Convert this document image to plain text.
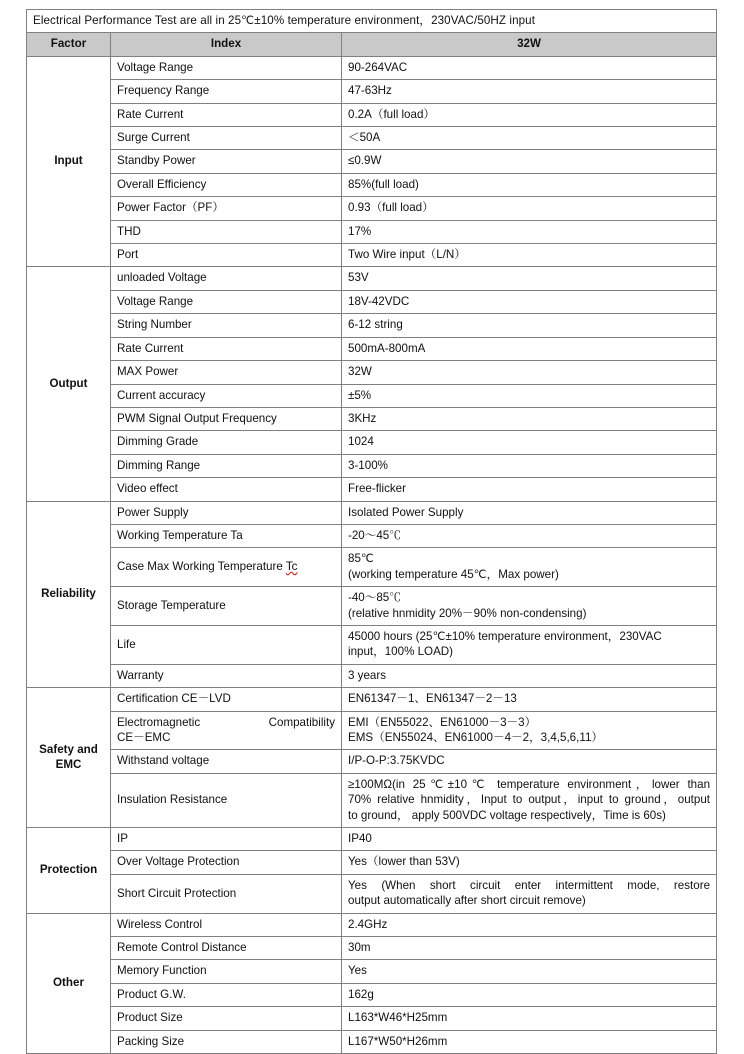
Electrical Performance Test are all in 25℃±10% temperature environment，230VAC/50HZ input		
Factor	Index	32W
Input	Voltage Range	90-264VAC
	Frequency Range	47-63Hz
	Rate Current	0.2A（full load）
	Surge Current	＜50A
	Standby Power	≤0.9W
	Overall Efficiency	85%(full load)
	Power Factor（PF）	0.93（full load）
	THD	17%
	Port	Two Wire input（L/N）
Output	unloaded Voltage	53V
	Voltage Range	18V-42VDC
	String Number	6-12 string
	Rate Current	500mA-800mA
	MAX Power	32W
	Current accuracy	±5%
	PWM Signal Output Frequency	3KHz
	Dimming Grade	1024
	Dimming Range	3-100%
	Video effect	Free-flicker
Reliability	Power Supply	Isolated Power Supply
	Working Temperature Ta	-20～45℃
	Case Max Working Temperature Tc	85℃
(working temperature 45℃，Max power)

	Storage Temperature	-40～85℃
(relative hnmidity 20%－90% non-condensing)

	Life	45000 hours (25℃±10% temperature environment，230VAC
input，100% LOAD)

	Warranty	3 years

Safety and
EMC	Certification CE－LVD	EN61347－1、EN61347－2－13

	Electromagnetic Compatibility
CE－EMC	EMI（EN55022、EN61000－3－3）
EMS（EN55024、EN61000－4－2，3,4,5,6,11）

	Withstand voltage	I/P-O-P:3.75KVDC
	Insulation Resistance	≥100MΩ(in 25℃±10℃ temperature environment，lower than
70% relative hnmidity，Input to output，input to ground，output
to ground， apply 500VDC voltage respectively，Time is 60s)

Protection	IP	IP40
	Over Voltage Protection	Yes（lower than 53V)
	Short Circuit Protection	Yes (When short circuit enter intermittent mode, restore
output automatically after short circuit remove)

Other	Wireless Control	2.4GHz
	Remote Control Distance	30m
	Memory Function	Yes
	Product G.W.	162g
	Product Size	L163*W46*H25mm
	Packing Size	L167*W50*H26mm
